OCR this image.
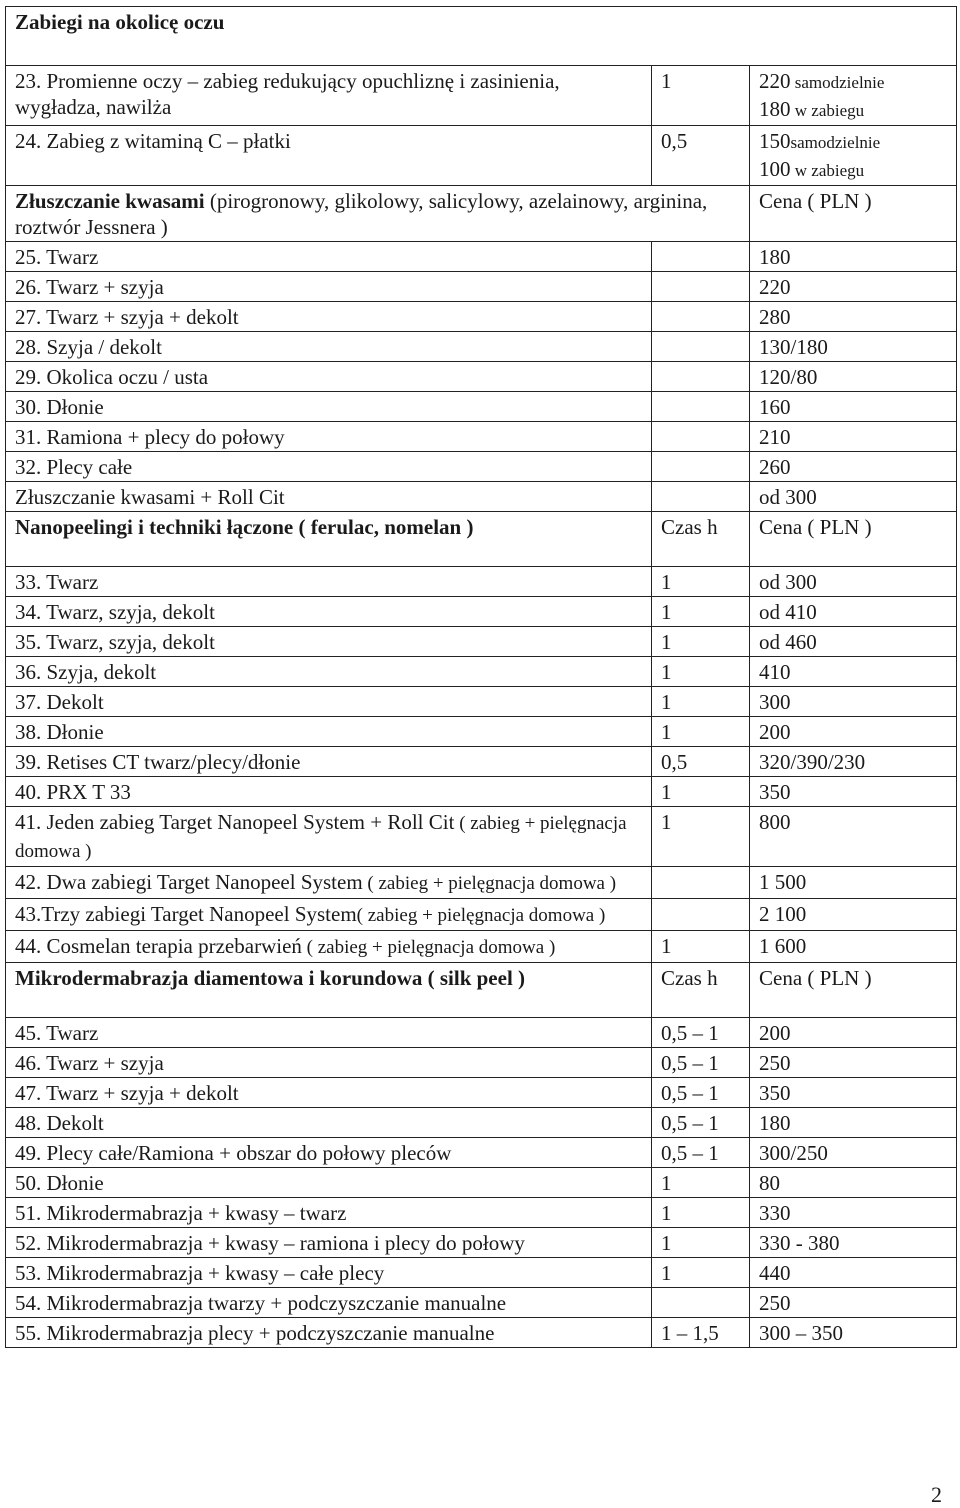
Zabiegi na okolicę oczu		
23. Promienne oczy – zabieg redukujący opuchliznę i zasinienia, wygładza, nawilża	1	220 samodzielnie
180 w zabiegu

24. Zabieg z witaminą C – płatki	0,5	150samodzielnie
100 w zabiegu

Złuszczanie kwasami (pirogronowy, glikolowy, salicylowy, azelainowy, arginina, roztwór Jessnera )		Cena ( PLN )
25. Twarz		180
26. Twarz + szyja		220
27. Twarz + szyja + dekolt		280
28. Szyja / dekolt		130/180
29. Okolica oczu / usta		120/80
30. Dłonie		160
31. Ramiona + plecy do połowy		210
32. Plecy całe		260
Złuszczanie kwasami + Roll Cit		od 300
Nanopeelingi i techniki łączone ( ferulac, nomelan )	Czas h	Cena ( PLN )
33. Twarz	1	od 300
34. Twarz, szyja, dekolt	1	od 410
35. Twarz, szyja, dekolt	1	od 460
36. Szyja, dekolt	1	410
37. Dekolt	1	300
38. Dłonie	1	200
39. Retises CT twarz/plecy/dłonie	0,5	320/390/230
40. PRX T 33	1	350
41. Jeden zabieg Target Nanopeel System + Roll Cit ( zabieg + pielęgnacja domowa )	1	800
42. Dwa zabiegi Target Nanopeel System ( zabieg + pielęgnacja domowa )		1 500
43.Trzy zabiegi Target Nanopeel System( zabieg + pielęgnacja domowa )		2 100
44. Cosmelan terapia przebarwień ( zabieg + pielęgnacja domowa )	1	1 600
Mikrodermabrazja diamentowa i korundowa ( silk peel )	Czas h	Cena ( PLN )
45. Twarz	0,5 – 1	200
46. Twarz + szyja	0,5 – 1	250
47. Twarz + szyja + dekolt	0,5 – 1	350
48. Dekolt	0,5 – 1	180
49. Plecy całe/Ramiona + obszar do połowy pleców	0,5 – 1	300/250
50. Dłonie	1	80
51. Mikrodermabrazja + kwasy – twarz	1	330
52. Mikrodermabrazja + kwasy – ramiona i plecy do połowy	1	330 - 380
53. Mikrodermabrazja + kwasy – całe plecy	1	440
54. Mikrodermabrazja twarzy + podczyszczanie manualne		250
55. Mikrodermabrazja plecy + podczyszczanie manualne	1 – 1,5	300 – 350
2
